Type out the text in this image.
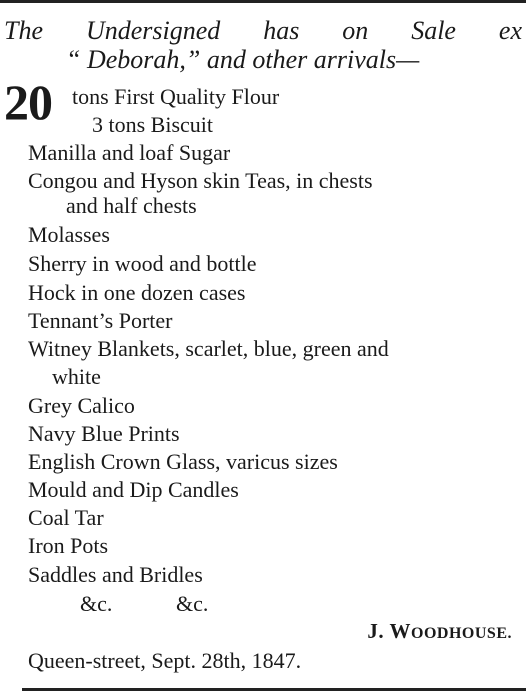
The Undersigned has on Sale ex
“ Deborah,” and other arrivals—
20 tons First Quality Flour
3 tons Biscuit
Manilla and loaf Sugar
Congou and Hyson skin Teas, in chests
and half chests
Molasses
Sherry in wood and bottle
Hock in one dozen cases
Tennant’s Porter
Witney Blankets, scarlet, blue, green and
white
Grey Calico
Navy Blue Prints
English Crown Glass, varicus sizes
Mould and Dip Candles
Coal Tar
Iron Pots
Saddles and Bridles
&c.	&c.
J. WOODHOUSE.
Queen-street, Sept. 28th, 1847.
